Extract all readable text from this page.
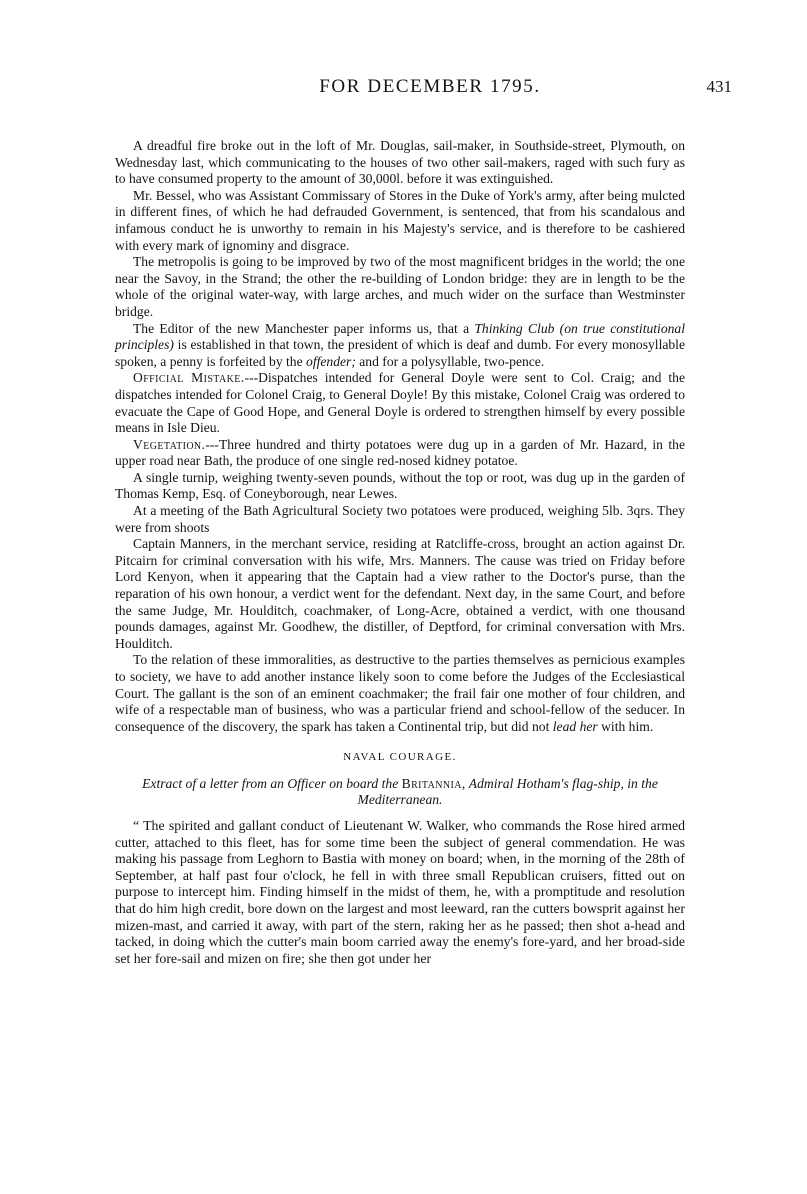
FOR DECEMBER 1795.	431

A dreadful fire broke out in the loft of Mr. Douglas, sail-maker, in Southside-street, Plymouth, on Wednesday last, which communicating to the houses of two other sail-makers, raged with such fury as to have consumed property to the amount of 30,000l. before it was extinguished.

Mr. Bessel, who was Assistant Commissary of Stores in the Duke of York's army, after being mulcted in different fines, of which he had defrauded Government, is sentenced, that from his scandalous and infamous conduct he is unworthy to remain in his Majesty's service, and is therefore to be cashiered with every mark of ignominy and disgrace.

The metropolis is going to be improved by two of the most magnificent bridges in the world; the one near the Savoy, in the Strand; the other the re-building of London bridge: they are in length to be the whole of the original water-way, with large arches, and much wider on the surface than Westminster bridge.

The Editor of the new Manchester paper informs us, that a Thinking Club (on true constitutional principles) is established in that town, the president of which is deaf and dumb. For every monosyllable spoken, a penny is forfeited by the offender; and for a polysyllable, two-pence.

Official Mistake.---Dispatches intended for General Doyle were sent to Col. Craig; and the dispatches intended for Colonel Craig, to General Doyle! By this mistake, Colonel Craig was ordered to evacuate the Cape of Good Hope, and General Doyle is ordered to strengthen himself by every possible means in Isle Dieu.

Vegetation.---Three hundred and thirty potatoes were dug up in a garden of Mr. Hazard, in the upper road near Bath, the produce of one single red-nosed kidney potatoe.

A single turnip, weighing twenty-seven pounds, without the top or root, was dug up in the garden of Thomas Kemp, Esq. of Coneyborough, near Lewes.

At a meeting of the Bath Agricultural Society two potatoes were produced, weighing 5lb. 3qrs. They were from shoots

Captain Manners, in the merchant service, residing at Ratcliffe-cross, brought an action against Dr. Pitcairn for criminal conversation with his wife, Mrs. Manners. The cause was tried on Friday before Lord Kenyon, when it appearing that the Captain had a view rather to the Doctor's purse, than the reparation of his own honour, a verdict went for the defendant. Next day, in the same Court, and before the same Judge, Mr. Houlditch, coachmaker, of Long-Acre, obtained a verdict, with one thousand pounds damages, against Mr. Goodhew, the distiller, of Deptford, for criminal conversation with Mrs. Houlditch.

To the relation of these immoralities, as destructive to the parties themselves as pernicious examples to society, we have to add another instance likely soon to come before the Judges of the Ecclesiastical Court. The gallant is the son of an eminent coachmaker; the frail fair one mother of four children, and wife of a respectable man of business, who was a particular friend and school-fellow of the seducer. In consequence of the discovery, the spark has taken a Continental trip, but did not lead her with him.

NAVAL COURAGE.
Extract of a letter from an Officer on board the Britannia, Admiral Hotham's flag-ship, in the Mediterranean.

“ The spirited and gallant conduct of Lieutenant W. Walker, who commands the Rose hired armed cutter, attached to this fleet, has for some time been the subject of general commendation. He was making his passage from Leghorn to Bastia with money on board; when, in the morning of the 28th of September, at half past four o'clock, he fell in with three small Republican cruisers, fitted out on purpose to intercept him. Finding himself in the midst of them, he, with a promptitude and resolution that do him high credit, bore down on the largest and most leeward, ran the cutters bowsprit against her mizen-mast, and carried it away, with part of the stern, raking her as he passed; then shot a-head and tacked, in doing which the cutter's main boom carried away the enemy's fore-yard, and her broad-side set her fore-sail and mizen on fire; she then got under her
